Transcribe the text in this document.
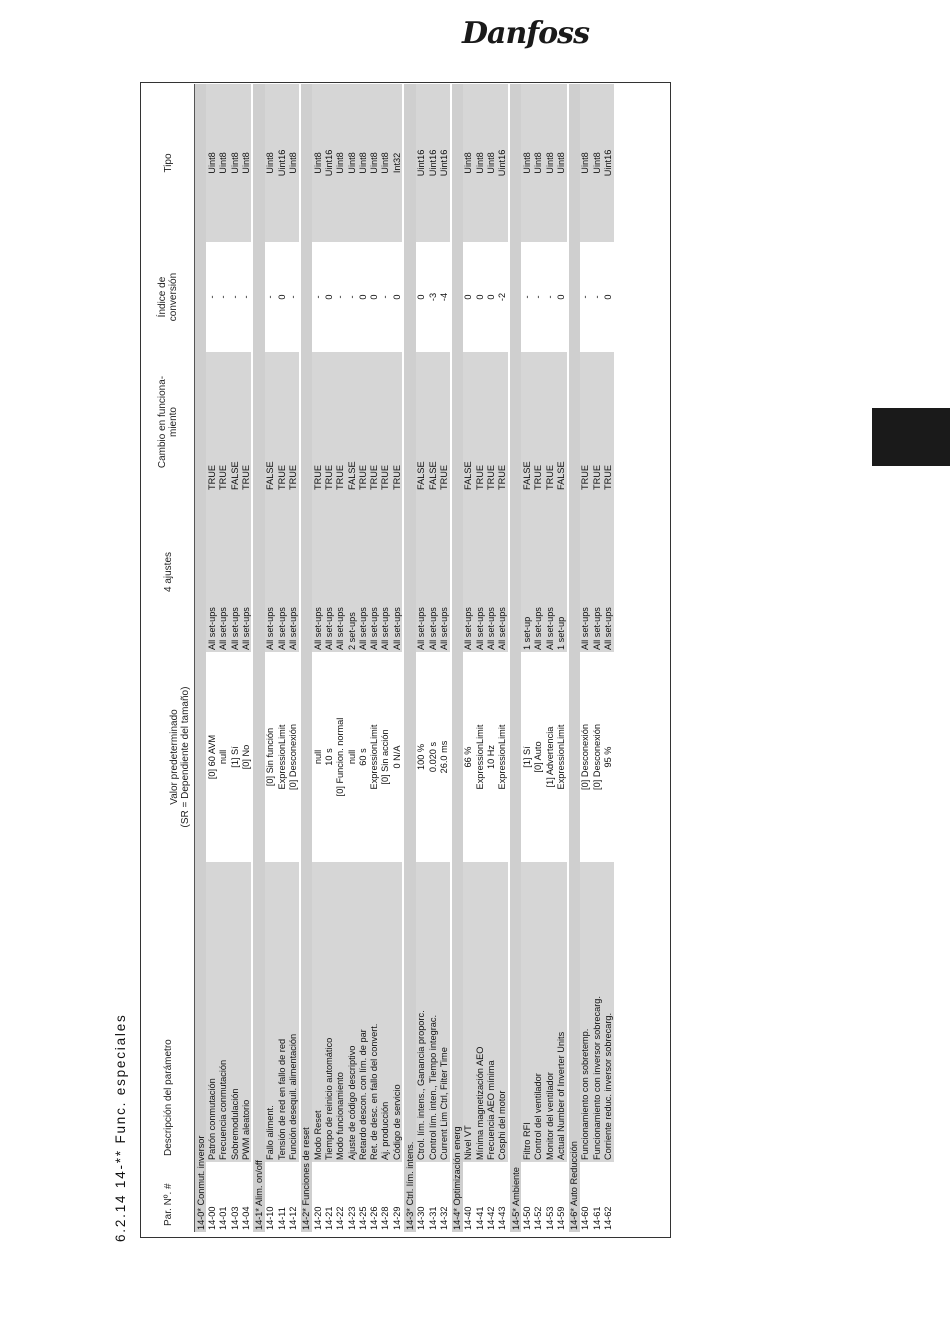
Danfoss
6.2.14 14-** Func. especiales	Par. Nº. #
Descripción del parámetro
Valor predeterminado
(SR = Dependiente del tamaño)
4 ajustes
Cambio en funciona-
miento
Índice de
conversión
Tipo
14-0* Conmut. inversor						
14-00	Patrón conmutación	[0] 60 AVM	All set-ups	TRUE	-	Uint8
14-01	Frecuencia conmutación	null	All set-ups	TRUE	-	Uint8
14-03	Sobremodulación	[1] Sí	All set-ups	FALSE	-	Uint8
14-04	PWM aleatorio	[0] No	All set-ups	TRUE	-	Uint8

14-1* Alim. on/off						
14-10	Fallo aliment.	[0] Sin función	All set-ups	FALSE	-	Uint8
14-11	Tensión de red en fallo de red	ExpressionLimit	All set-ups	TRUE	0	Uint16
14-12	Función desequil. alimentación	[0] Desconexión	All set-ups	TRUE	-	Uint8

14-2* Funciones de reset						
14-20	Modo Reset	null	All set-ups	TRUE	-	Uint8
14-21	Tiempo de reinicio automático	10 s	All set-ups	TRUE	0	Uint16
14-22	Modo funcionamiento	[0] Funcion. normal	All set-ups	TRUE	-	Uint8
14-23	Ajuste de código descriptivo	null	2 set-ups	FALSE	-	Uint8
14-25	Retardo descon. con lím. de par	60 s	All set-ups	TRUE	0	Uint8
14-26	Ret. de desc. en fallo del convert.	ExpressionLimit	All set-ups	TRUE	0	Uint8
14-28	Aj. producción	[0] Sin acción	All set-ups	TRUE	-	Uint8
14-29	Código de servicio	0 N/A	All set-ups	TRUE	0	Int32

14-3* Ctrl. lím. intens.						
14-30	Ctrol. lím. intens., Ganancia proporc.	100 %	All set-ups	FALSE	0	Uint16
14-31	Control lím. inten., Tiempo integrac.	0.020 s	All set-ups	FALSE	-3	Uint16
14-32	Current Lim Ctrl, Filter Time	26.0 ms	All set-ups	TRUE	-4	Uint16

14-4* Optimización energ						
14-40	Nivel VT	66 %	All set-ups	FALSE	0	Uint8
14-41	Mínima magnetización AEO	ExpressionLimit	All set-ups	TRUE	0	Uint8
14-42	Frecuencia AEO mínima	10 Hz	All set-ups	TRUE	0	Uint8
14-43	Cosphi del motor	ExpressionLimit	All set-ups	TRUE	-2	Uint16

14-5* Ambiente						
14-50	Filtro RFI	[1] Sí	1 set-up	FALSE	-	Uint8
14-52	Control del ventilador	[0] Auto	All set-ups	TRUE	-	Uint8
14-53	Monitor del ventilador	[1] Advertencia	All set-ups	TRUE	-	Uint8
14-59	Actual Number of Inverter Units	ExpressionLimit	1 set-up	FALSE	0	Uint8

14-6* Auto Reducción						
14-60	Funcionamiento con sobretemp.	[0] Desconexión	All set-ups	TRUE	-	Uint8
14-61	Funcionamiento con inversor sobrecarg.	[0] Desconexión	All set-ups	TRUE	-	Uint8
14-62	Corriente reduc. inversor sobrecarg.	95 %	All set-ups	TRUE	0	Uint16
